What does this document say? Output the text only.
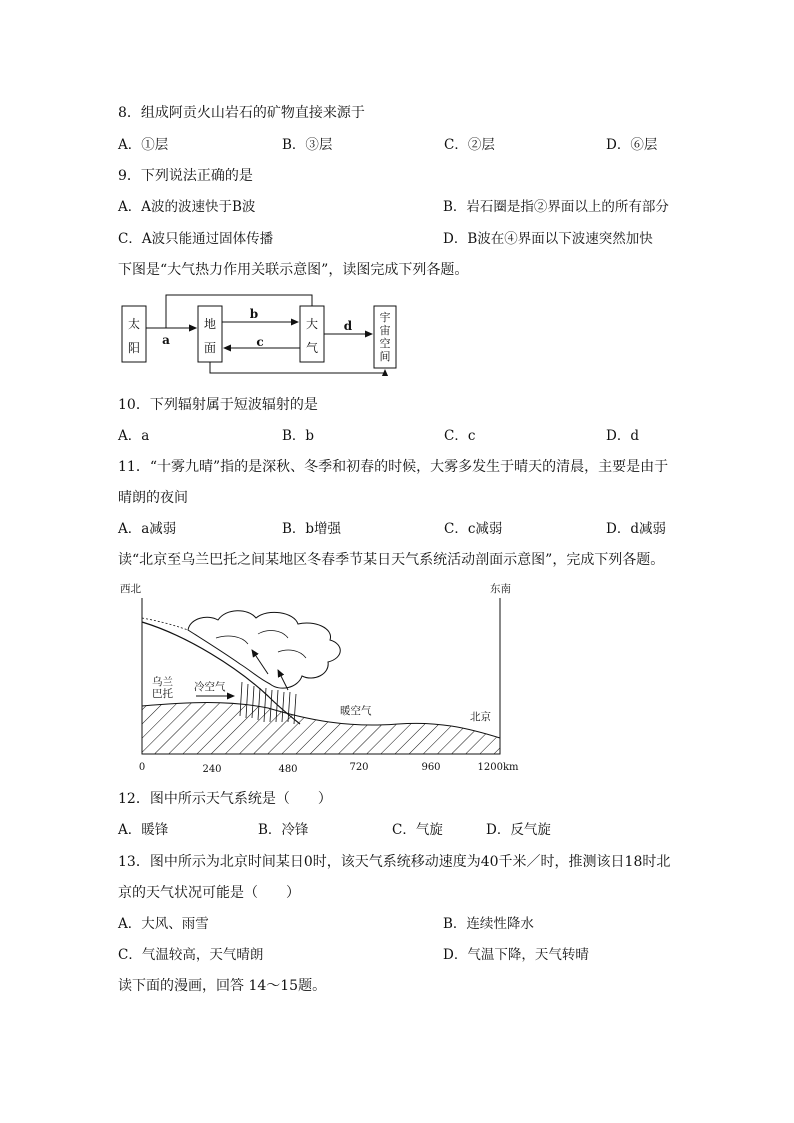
8．组成阿贡火山岩石的矿物直接来源于
A．①层	B．③层	C．②层	D．⑥层
9．下列说法正确的是
A．A波的波速快于B波	B．岩石圈是指②界面以上的所有部分
C．A波只能通过固体传播	D．B波在④界面以下波速突然加快
下图是“大气热力作用关联示意图”，读图完成下列各题。
太
阳
地
面
大
气
宇
宙
空
间
a
b
c
d
10．下列辐射属于短波辐射的是
A．a	B．b	C．c	D．d
11．“十雾九晴”指的是深秋、冬季和初春的时候，大雾多发生于晴天的清晨，主要是由于
晴朗的夜间
A．a减弱	B．b增强	C．c减弱	D．d减弱
读“北京至乌兰巴托之间某地区冬春季节某日天气系统活动剖面示意图”，完成下列各题。
西北	东南
乌兰
巴托
冷空气
暖空气	北京
0	240	480	720	960	1200km
12．图中所示天气系统是（　　）
A．暖锋	B．冷锋	C．气旋	D．反气旋
13．图中所示为北京时间某日0时，该天气系统移动速度为40千米／时，推测该日18时北
京的天气状况可能是（　　）
A．大风、雨雪	B．连续性降水
C．气温较高，天气晴朗	D．气温下降，天气转晴
读下面的漫画，回答 14～15题。
